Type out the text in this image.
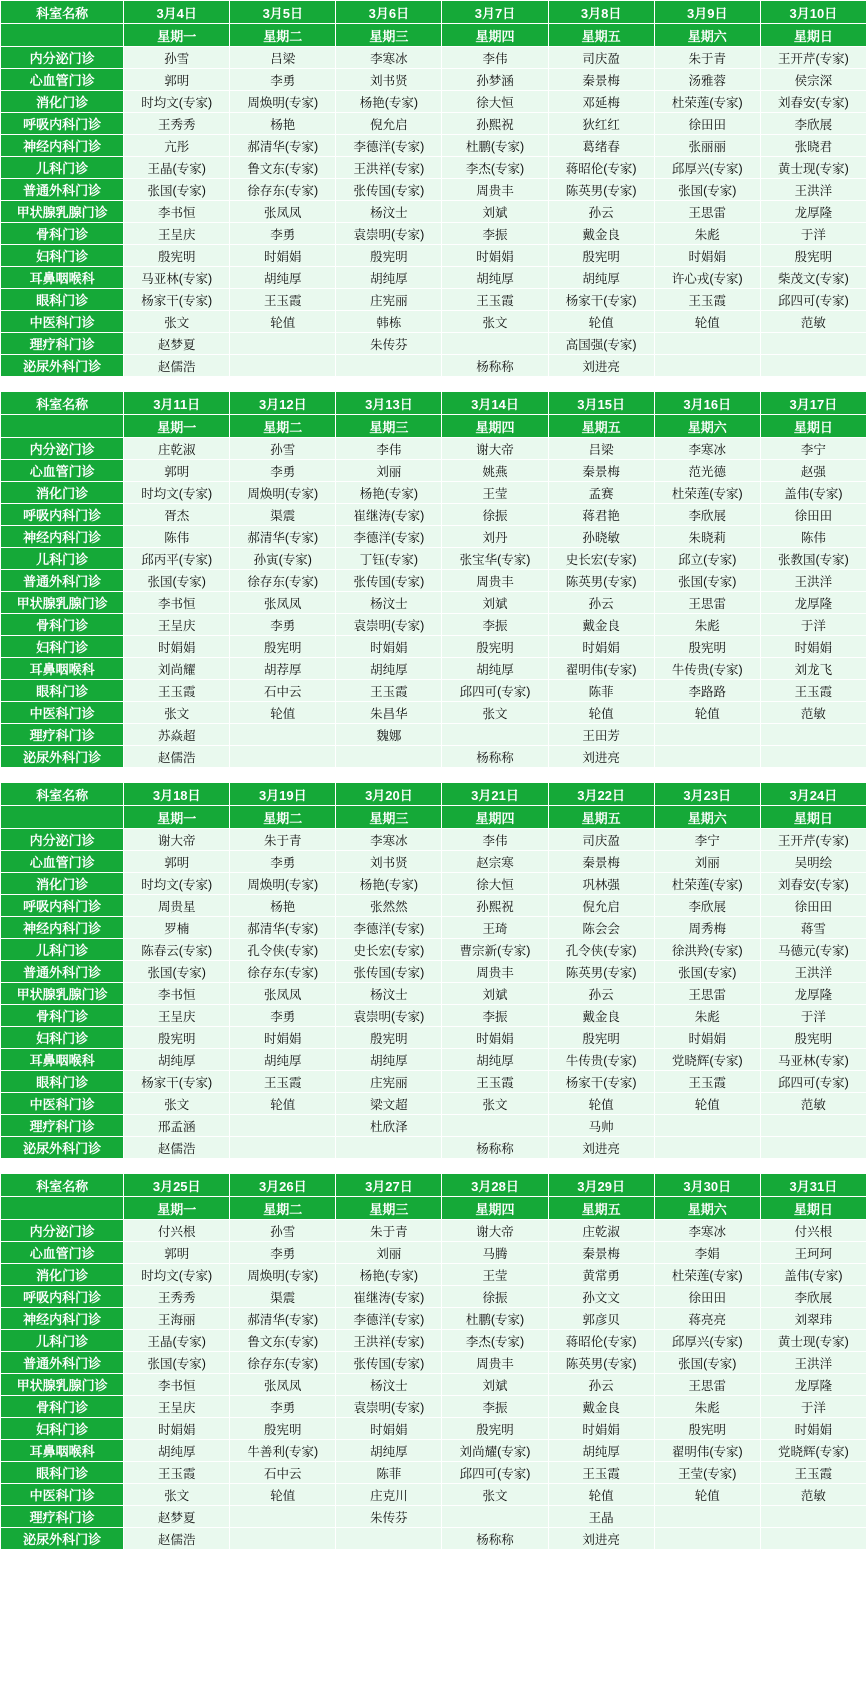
科室名称	3月4日	3月5日	3月6日	3月7日	3月8日	3月9日	3月10日
	星期一	星期二	星期三	星期四	星期五	星期六	星期日
内分泌门诊	孙雪	吕梁	李寒冰	李伟	司庆盈	朱于青	王开芹(专家)
心血管门诊	郭明	李勇	刘书贤	孙梦涵	秦景梅	汤雅蓉	侯宗深
消化门诊	时均文(专家)	周焕明(专家)	杨艳(专家)	徐大恒	邓延梅	杜荣莲(专家)	刘春安(专家)
呼吸内科门诊	王秀秀	杨艳	倪允启	孙熙祝	狄红红	徐田田	李欣展
神经内科门诊	亢彤	郝清华(专家)	李德洋(专家)	杜鹏(专家)	葛绪春	张丽丽	张晓君
儿科门诊	王晶(专家)	鲁文东(专家)	王洪祥(专家)	李杰(专家)	蒋昭伦(专家)	邱厚兴(专家)	黄士现(专家)
普通外科门诊	张国(专家)	徐存东(专家)	张传国(专家)	周贵丰	陈英男(专家)	张国(专家)	王洪洋
甲状腺乳腺门诊	李书恒	张凤凤	杨汶士	刘斌	孙云	王思雷	龙厚隆
骨科门诊	王呈庆	李勇	袁崇明(专家)	李振	戴金良	朱彪	于洋
妇科门诊	殷宪明	时娟娟	殷宪明	时娟娟	殷宪明	时娟娟	殷宪明
耳鼻咽喉科	马亚林(专家)	胡纯厚	胡纯厚	胡纯厚	胡纯厚	许心戎(专家)	柴茂文(专家)
眼科门诊	杨家干(专家)	王玉霞	庄宪丽	王玉霞	杨家干(专家)	王玉霞	邱四可(专家)
中医科门诊	张文	轮值	韩栋	张文	轮值	轮值	范敏
理疗科门诊	赵梦夏		朱传芬		高国强(专家)		
泌尿外科门诊	赵儒浩			杨称称	刘进亮		
科室名称	3月11日	3月12日	3月13日	3月14日	3月15日	3月16日	3月17日
	星期一	星期二	星期三	星期四	星期五	星期六	星期日
内分泌门诊	庄乾淑	孙雪	李伟	谢大帝	吕梁	李寒冰	李宁
心血管门诊	郭明	李勇	刘丽	姚燕	秦景梅	范光德	赵强
消化门诊	时均文(专家)	周焕明(专家)	杨艳(专家)	王莹	孟赛	杜荣莲(专家)	盖伟(专家)
呼吸内科门诊	胥杰	渠震	崔继涛(专家)	徐振	蒋君艳	李欣展	徐田田
神经内科门诊	陈伟	郝清华(专家)	李德洋(专家)	刘丹	孙晓敏	朱晓莉	陈伟
儿科门诊	邱丙平(专家)	孙寅(专家)	丁钰(专家)	张宝华(专家)	史长宏(专家)	邱立(专家)	张教国(专家)
普通外科门诊	张国(专家)	徐存东(专家)	张传国(专家)	周贵丰	陈英男(专家)	张国(专家)	王洪洋
甲状腺乳腺门诊	李书恒	张凤凤	杨汶士	刘斌	孙云	王思雷	龙厚隆
骨科门诊	王呈庆	李勇	袁崇明(专家)	李振	戴金良	朱彪	于洋
妇科门诊	时娟娟	殷宪明	时娟娟	殷宪明	时娟娟	殷宪明	时娟娟
耳鼻咽喉科	刘尚耀	胡荐厚	胡纯厚	胡纯厚	翟明伟(专家)	牛传贵(专家)	刘龙飞
眼科门诊	王玉霞	石中云	王玉霞	邱四可(专家)	陈菲	李路路	王玉霞
中医科门诊	张文	轮值	朱昌华	张文	轮值	轮值	范敏
理疗科门诊	苏焱超		魏娜		王田芳		
泌尿外科门诊	赵儒浩			杨称称	刘进亮		
科室名称	3月18日	3月19日	3月20日	3月21日	3月22日	3月23日	3月24日
	星期一	星期二	星期三	星期四	星期五	星期六	星期日
内分泌门诊	谢大帝	朱于青	李寒冰	李伟	司庆盈	李宁	王开芹(专家)
心血管门诊	郭明	李勇	刘书贤	赵宗寒	秦景梅	刘丽	吴明绘
消化门诊	时均文(专家)	周焕明(专家)	杨艳(专家)	徐大恒	巩林强	杜荣莲(专家)	刘春安(专家)
呼吸内科门诊	周贵星	杨艳	张然然	孙熙祝	倪允启	李欣展	徐田田
神经内科门诊	罗楠	郝清华(专家)	李德洋(专家)	王琦	陈会会	周秀梅	蒋雪
儿科门诊	陈春云(专家)	孔令侠(专家)	史长宏(专家)	曹宗新(专家)	孔令侠(专家)	徐洪羚(专家)	马德元(专家)
普通外科门诊	张国(专家)	徐存东(专家)	张传国(专家)	周贵丰	陈英男(专家)	张国(专家)	王洪洋
甲状腺乳腺门诊	李书恒	张凤凤	杨汶士	刘斌	孙云	王思雷	龙厚隆
骨科门诊	王呈庆	李勇	袁崇明(专家)	李振	戴金良	朱彪	于洋
妇科门诊	殷宪明	时娟娟	殷宪明	时娟娟	殷宪明	时娟娟	殷宪明
耳鼻咽喉科	胡纯厚	胡纯厚	胡纯厚	胡纯厚	牛传贵(专家)	党晓辉(专家)	马亚林(专家)
眼科门诊	杨家干(专家)	王玉霞	庄宪丽	王玉霞	杨家干(专家)	王玉霞	邱四可(专家)
中医科门诊	张文	轮值	梁文超	张文	轮值	轮值	范敏
理疗科门诊	邢孟涵		杜欣泽		马帅		
泌尿外科门诊	赵儒浩			杨称称	刘进亮		
科室名称	3月25日	3月26日	3月27日	3月28日	3月29日	3月30日	3月31日
	星期一	星期二	星期三	星期四	星期五	星期六	星期日
内分泌门诊	付兴根	孙雪	朱于青	谢大帝	庄乾淑	李寒冰	付兴根
心血管门诊	郭明	李勇	刘丽	马腾	秦景梅	李娟	王珂珂
消化门诊	时均文(专家)	周焕明(专家)	杨艳(专家)	王莹	黄常勇	杜荣莲(专家)	盖伟(专家)
呼吸内科门诊	王秀秀	渠震	崔继涛(专家)	徐振	孙文文	徐田田	李欣展
神经内科门诊	王海丽	郝清华(专家)	李德洋(专家)	杜鹏(专家)	郭彦贝	蒋亮亮	刘翠玮
儿科门诊	王晶(专家)	鲁文东(专家)	王洪祥(专家)	李杰(专家)	蒋昭伦(专家)	邱厚兴(专家)	黄士现(专家)
普通外科门诊	张国(专家)	徐存东(专家)	张传国(专家)	周贵丰	陈英男(专家)	张国(专家)	王洪洋
甲状腺乳腺门诊	李书恒	张凤凤	杨汶士	刘斌	孙云	王思雷	龙厚隆
骨科门诊	王呈庆	李勇	袁崇明(专家)	李振	戴金良	朱彪	于洋
妇科门诊	时娟娟	殷宪明	时娟娟	殷宪明	时娟娟	殷宪明	时娟娟
耳鼻咽喉科	胡纯厚	牛善利(专家)	胡纯厚	刘尚耀(专家)	胡纯厚	翟明伟(专家)	党晓辉(专家)
眼科门诊	王玉霞	石中云	陈菲	邱四可(专家)	王玉霞	王莹(专家)	王玉霞
中医科门诊	张文	轮值	庄克川	张文	轮值	轮值	范敏
理疗科门诊	赵梦夏		朱传芬		王晶		
泌尿外科门诊	赵儒浩			杨称称	刘进亮		
